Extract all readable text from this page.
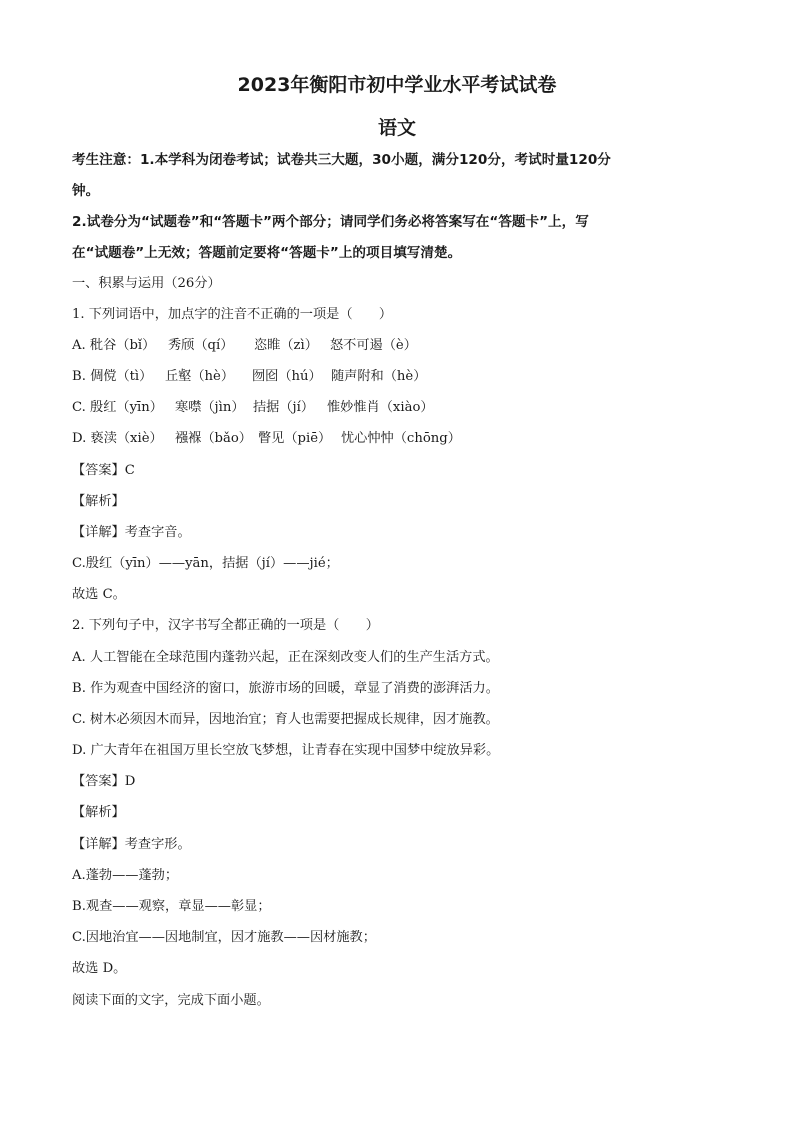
2023年衡阳市初中学业水平考试试卷
语文
考生注意：1.本学科为闭卷考试；试卷共三大题，30小题，满分120分，考试时量120分
钟。
2.试卷分为“试题卷”和“答题卡”两个部分；请同学们务必将答案写在“答题卡”上，写
在“试题卷”上无效；答题前定要将“答题卡”上的项目填写清楚。
一、积累与运用（26分）
1. 下列词语中，加点字的注音不正确的一项是（　　）
A. 秕谷（bǐ） 秀颀（qí） 恣睢（zì） 怒不可遏（è）
B. 倜傥（tì） 丘壑（hè） 囫囵（hú） 随声附和（hè）
C. 殷红（yīn） 寒噤（jìn） 拮据（jí） 惟妙惟肖（xiào）
D. 亵渎（xiè） 襁褓（bǎo） 瞥见（piē） 忧心忡忡（chōng）
【答案】C
【解析】
【详解】考查字音。
C.殷红（yīn）——yān，拮据（jí）——jié；
故选 C。
2. 下列句子中，汉字书写全都正确的一项是（　　）
A. 人工智能在全球范围内蓬勃兴起，正在深刻改变人们的生产生活方式。
B. 作为观查中国经济的窗口，旅游市场的回暖，章显了消费的澎湃活力。
C. 树木必须因木而异，因地治宜；育人也需要把握成长规律，因才施教。
D. 广大青年在祖国万里长空放飞梦想，让青春在实现中国梦中绽放异彩。
【答案】D
【解析】
【详解】考查字形。
A.蓬勃——蓬勃；
B.观查——观察，章显——彰显；
C.因地治宜——因地制宜，因才施教——因材施教；
故选 D。
阅读下面的文字，完成下面小题。
